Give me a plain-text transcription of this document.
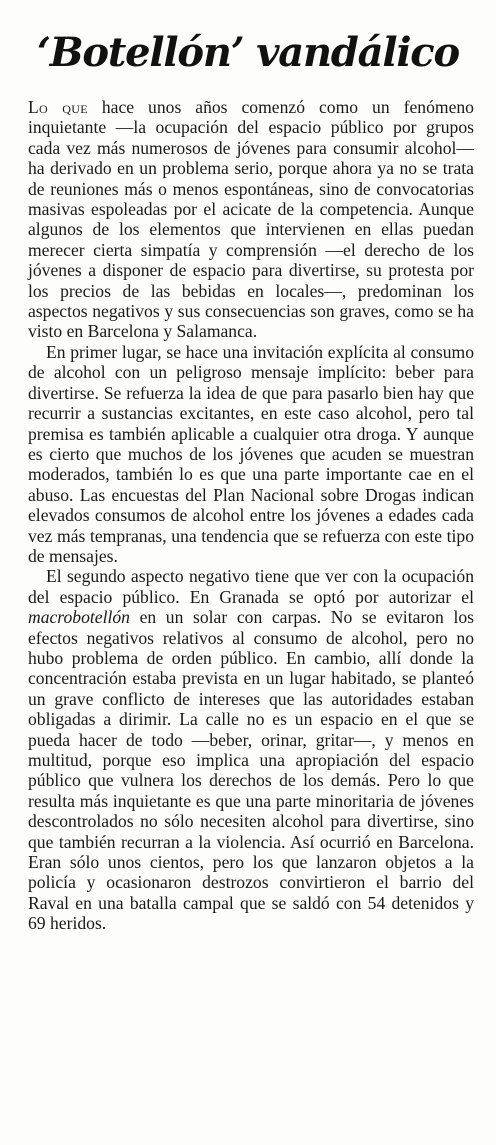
‘Botellón’ vandálico

Lo que hace unos años comenzó como un fenómeno inquietante —la ocupación del espacio público por grupos cada vez más numerosos de jóvenes para consumir alcohol— ha derivado en un problema serio, porque ahora ya no se trata de reuniones más o menos espontáneas, sino de convocatorias masivas espoleadas por el acicate de la competencia. Aunque algunos de los elementos que intervienen en ellas puedan merecer cierta simpatía y comprensión —el derecho de los jóvenes a disponer de espacio para divertirse, su protesta por los precios de las bebidas en locales—, predominan los aspectos negativos y sus consecuencias son graves, como se ha visto en Barcelona y Salamanca.

En primer lugar, se hace una invitación explícita al consumo de alcohol con un peligroso mensaje implícito: beber para divertirse. Se refuerza la idea de que para pasarlo bien hay que recurrir a sustancias excitantes, en este caso alcohol, pero tal premisa es también aplicable a cualquier otra droga. Y aunque es cierto que muchos de los jóvenes que acuden se muestran moderados, también lo es que una parte importante cae en el abuso. Las encuestas del Plan Nacional sobre Drogas indican elevados consumos de alcohol entre los jóvenes a edades cada vez más tempranas, una tendencia que se refuerza con este tipo de mensajes.

El segundo aspecto negativo tiene que ver con la ocupación del espacio público. En Granada se optó por autorizar el macrobotellón en un solar con carpas. No se evitaron los efectos negativos relativos al consumo de alcohol, pero no hubo problema de orden público. En cambio, allí donde la concentración estaba prevista en un lugar habitado, se planteó un grave conflicto de intereses que las autoridades estaban obligadas a dirimir. La calle no es un espacio en el que se pueda hacer de todo —beber, orinar, gritar—, y menos en multitud, porque eso implica una apropiación del espacio público que vulnera los derechos de los demás. Pero lo que resulta más inquietante es que una parte minoritaria de jóvenes descontrolados no sólo necesiten alcohol para divertirse, sino que también recurran a la violencia. Así ocurrió en Barcelona. Eran sólo unos cientos, pero los que lanzaron objetos a la policía y ocasionaron destrozos convirtieron el barrio del Raval en una batalla campal que se saldó con 54 detenidos y 69 heridos.
